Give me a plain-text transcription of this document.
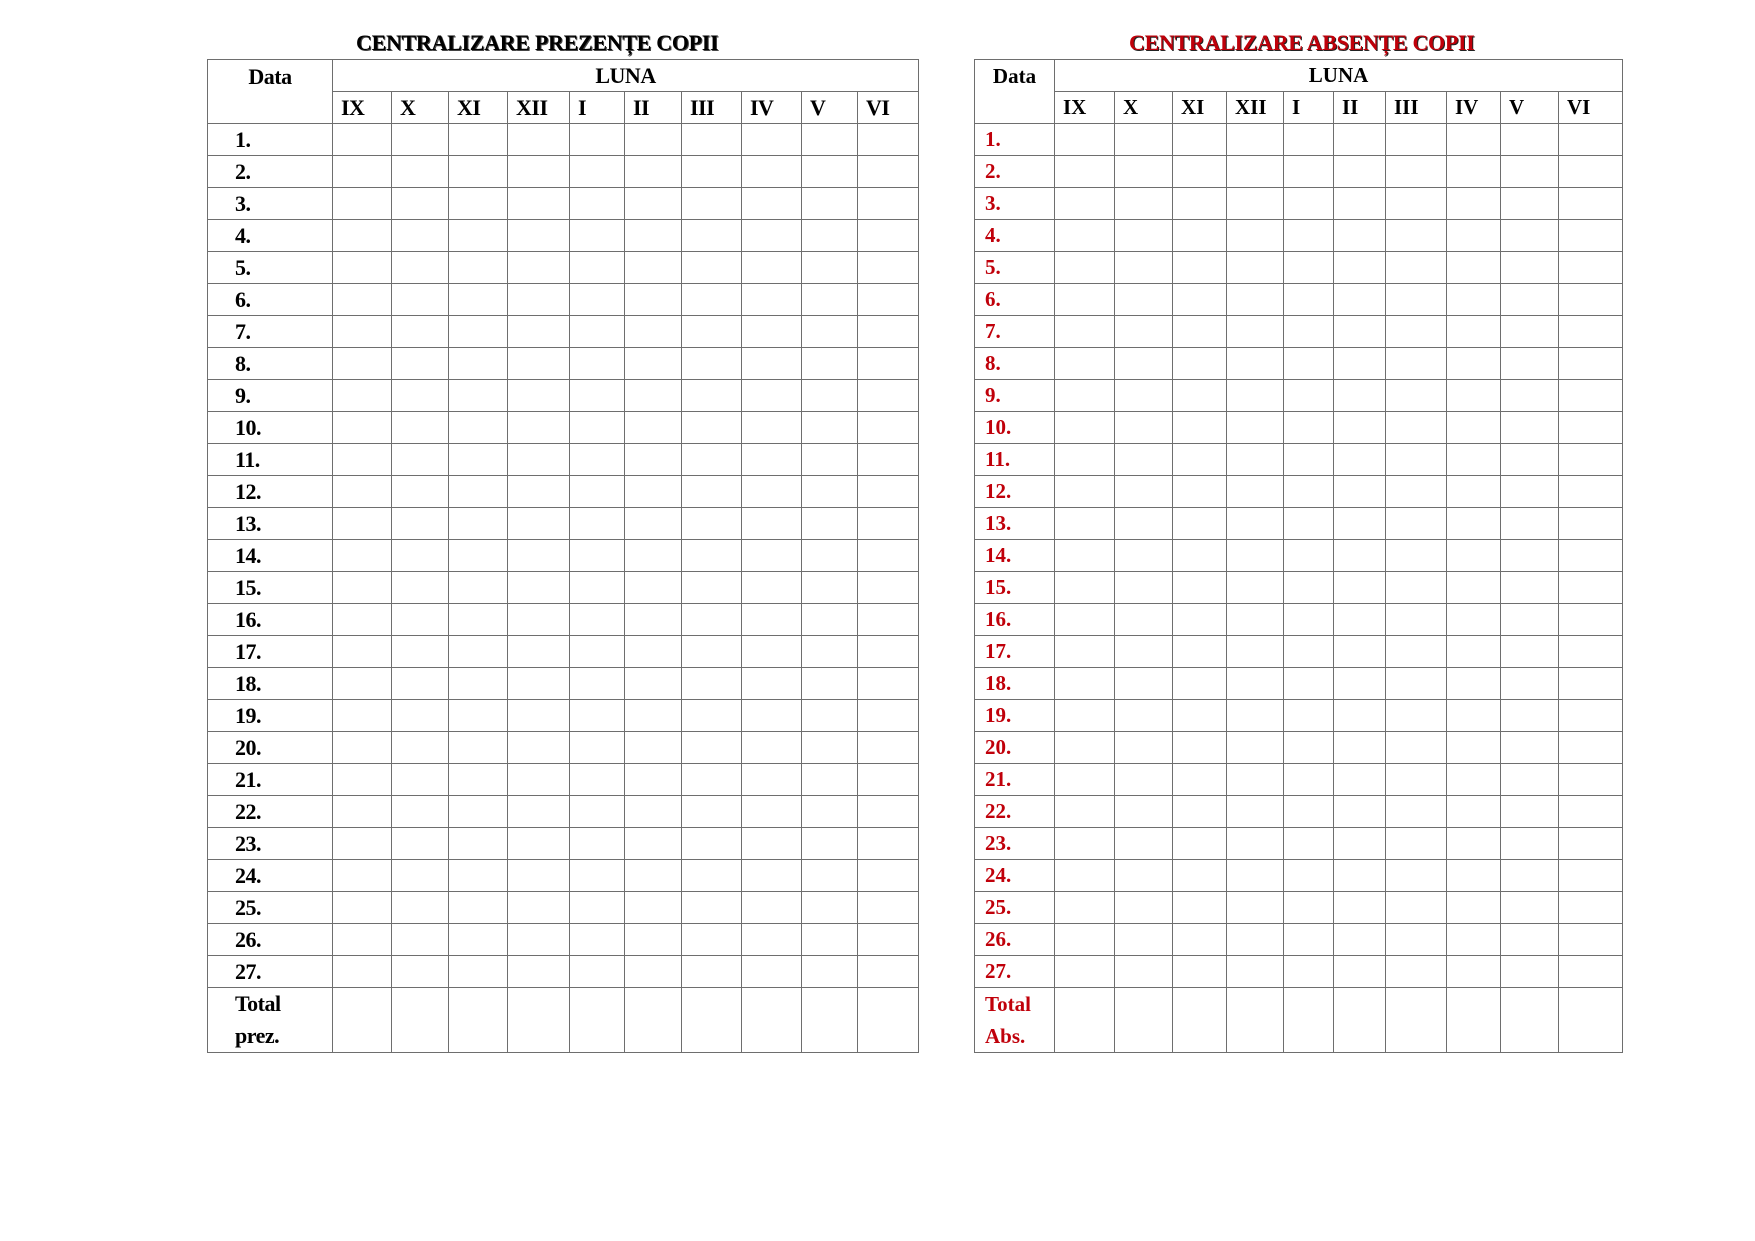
CENTRALIZARE PREZENȚE COPII	CENTRALIZARE ABSENȚE COPII
Data	LUNA									
	IX	X	XI	XII	I	II	III	IV	V	VI
1.										
2.										
3.										
4.										
5.										
6.										
7.										
8.										
9.										
10.										
11.										
12.										
13.										
14.										
15.										
16.										
17.										
18.										
19.										
20.										
21.										
22.										
23.										
24.										
25.										
26.										
27.										

Total
prez.										

Data	LUNA									
	IX	X	XI	XII	I	II	III	IV	V	VI
1.										
2.										
3.										
4.										
5.										
6.										
7.										
8.										
9.										
10.										
11.										
12.										
13.										
14.										
15.										
16.										
17.										
18.										
19.										
20.										
21.										
22.										
23.										
24.										
25.										
26.										
27.										

Total
Abs.										
